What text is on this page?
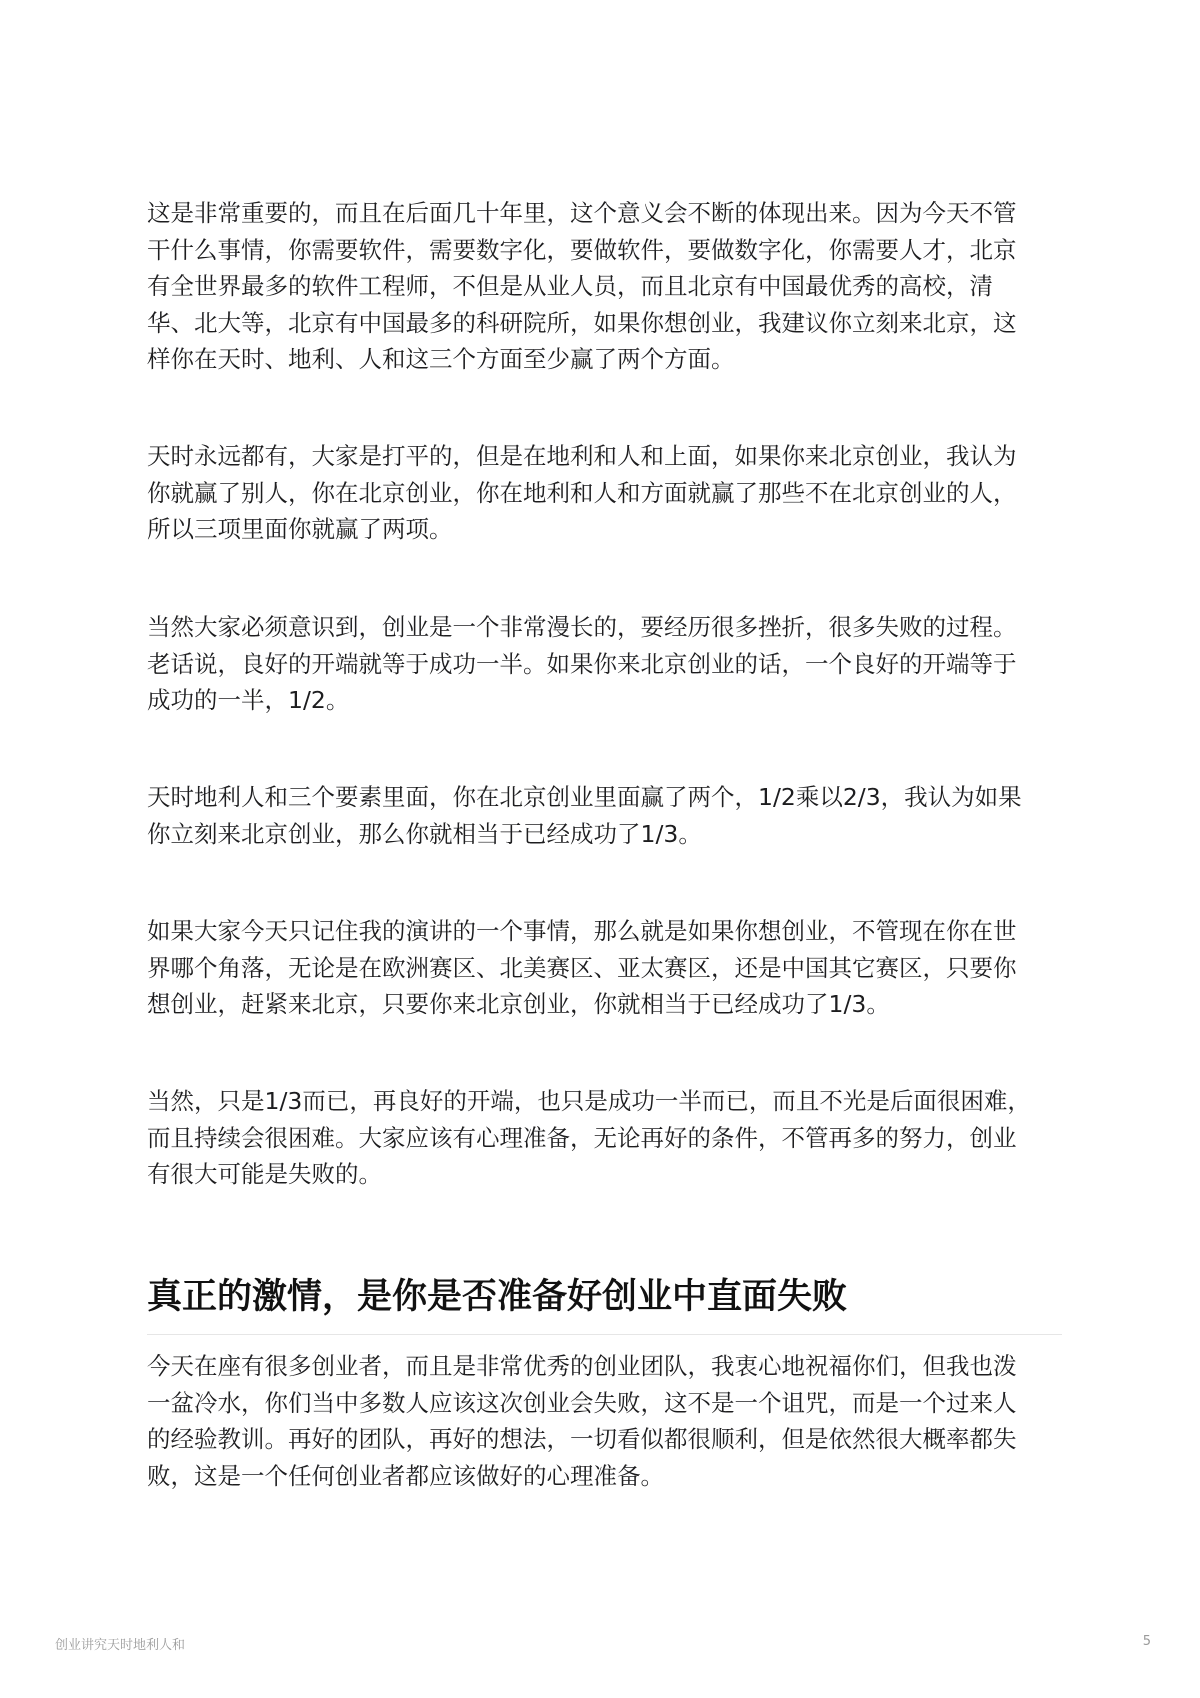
这是非常重要的，而且在后面几十年里，这个意义会不断的体现出来。因为今天不管
干什么事情，你需要软件，需要数字化，要做软件，要做数字化，你需要人才，北京
有全世界最多的软件工程师，不但是从业人员，而且北京有中国最优秀的高校，清
华、北大等，北京有中国最多的科研院所，如果你想创业，我建议你立刻来北京，这
样你在天时、地利、人和这三个方面至少赢了两个方面。
天时永远都有，大家是打平的，但是在地利和人和上面，如果你来北京创业，我认为
你就赢了别人，你在北京创业，你在地利和人和方面就赢了那些不在北京创业的人，
所以三项里面你就赢了两项。
当然大家必须意识到，创业是一个非常漫长的，要经历很多挫折，很多失败的过程。
老话说，良好的开端就等于成功一半。如果你来北京创业的话，一个良好的开端等于
成功的一半，1/2。
天时地利人和三个要素里面，你在北京创业里面赢了两个，1/2乘以2/3，我认为如果
你立刻来北京创业，那么你就相当于已经成功了1/3。
如果大家今天只记住我的演讲的一个事情，那么就是如果你想创业，不管现在你在世
界哪个角落，无论是在欧洲赛区、北美赛区、亚太赛区，还是中国其它赛区，只要你
想创业，赶紧来北京，只要你来北京创业，你就相当于已经成功了1/3。
当然，只是1/3而已，再良好的开端，也只是成功一半而已，而且不光是后面很困难，
而且持续会很困难。大家应该有心理准备，无论再好的条件，不管再多的努力，创业
有很大可能是失败的。
真正的激情，是你是否准备好创业中直面失败
今天在座有很多创业者，而且是非常优秀的创业团队，我衷心地祝福你们，但我也泼
一盆冷水，你们当中多数人应该这次创业会失败，这不是一个诅咒，而是一个过来人
的经验教训。再好的团队，再好的想法，一切看似都很顺利，但是依然很大概率都失
败，这是一个任何创业者都应该做好的心理准备。
创业讲究天时地利人和	5
